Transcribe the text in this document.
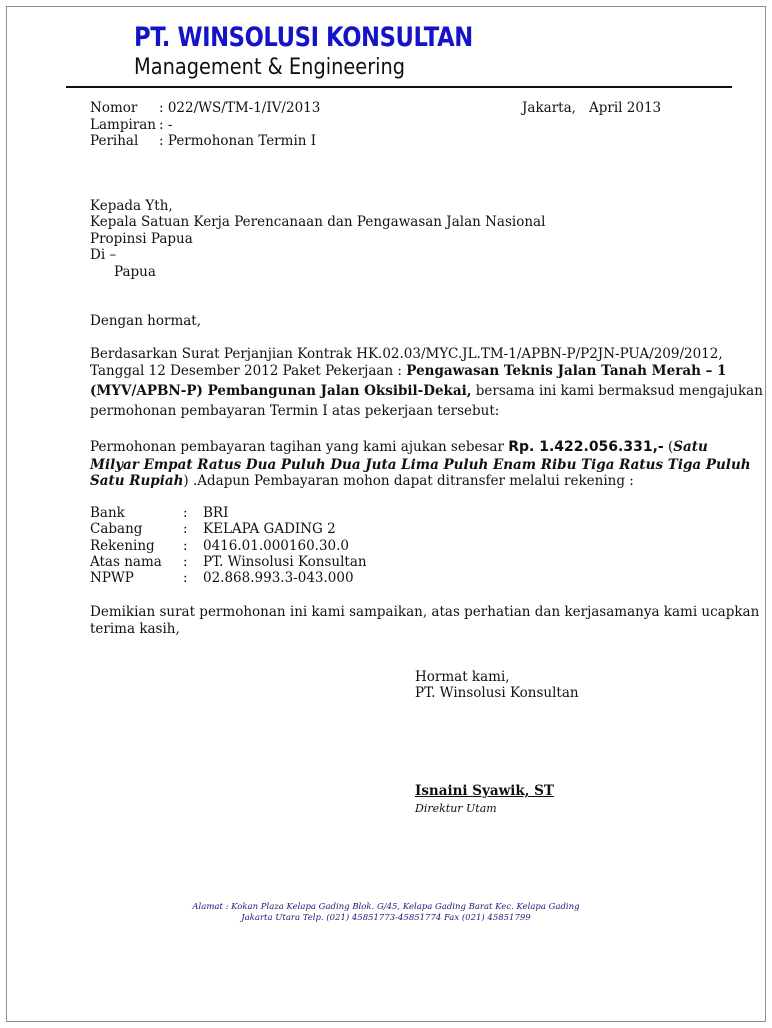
PT. WINSOLUSI KONSULTAN
Management & Engineering
Nomor : 022/WS/TM-1/IV/2013
Lampiran : -
Perihal : Permohonan Termin I
Jakarta, April 2013
Kepada Yth,
Kepala Satuan Kerja Perencanaan dan Pengawasan Jalan Nasional
Propinsi Papua
Di –
Papua
Dengan hormat,
Berdasarkan Surat Perjanjian Kontrak HK.02.03/MYC.JL.TM-1/APBN-P/P2JN-PUA/209/2012,
Tanggal 12 Desember 2012 Paket Pekerjaan : Pengawasan Teknis Jalan Tanah Merah – 1
(MYV/APBN-P) Pembangunan Jalan Oksibil-Dekai, bersama ini kami bermaksud mengajukan
permohonan pembayaran Termin I atas pekerjaan tersebut:
Permohonan pembayaran tagihan yang kami ajukan sebesar Rp. 1.422.056.331,- (Satu
Milyar Empat Ratus Dua Puluh Dua Juta Lima Puluh Enam Ribu Tiga Ratus Tiga Puluh
Satu Rupiah) .Adapun Pembayaran mohon dapat ditransfer melalui rekening :
Bank	: BRI
Cabang	: KELAPA GADING 2
Rekening : 0416.01.000160.30.0
Atas nama : PT. Winsolusi Konsultan
NPWP	: 02.868.993.3-043.000
Demikian surat permohonan ini kami sampaikan, atas perhatian dan kerjasamanya kami ucapkan
terima kasih,
Hormat kami,
PT. Winsolusi Konsultan
Isnaini Syawik, ST
Direktur Utam
Alamat : Kokan Plaza Kelapa Gading Blok. G/45, Kelapa Gading Barat Kec. Kelapa Gading
Jakarta Utara Telp. (021) 45851773-45851774 Fax (021) 45851799
